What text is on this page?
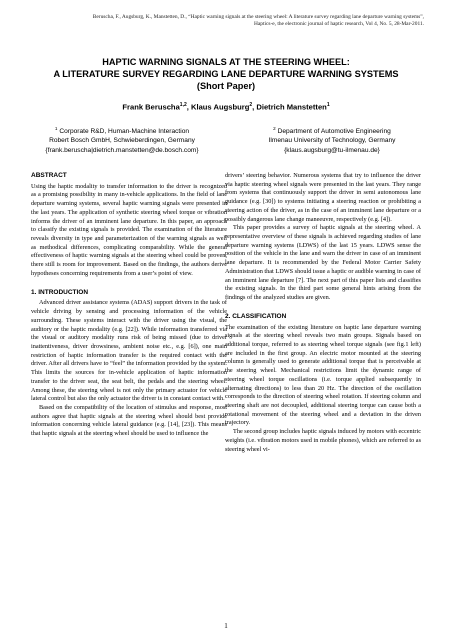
Beruscha, F., Augsburg, K., Manstetten, D., “Haptic warning signals at the steering wheel: A literature survey regarding lane departure warning systems”,
Haptics-e, the electronic journal of haptic research, Vol 4, No. 5, 28-Mar-2011.
HAPTIC WARNING SIGNALS AT THE STEERING WHEEL:
A LITERATURE SURVEY REGARDING LANE DEPARTURE WARNING SYSTEMS
(Short Paper)
Frank Beruscha$^{1,2}$, Klaus Augsburg$^2$, Dietrich Manstetten$^1$
$^1$ Corporate R&D, Human-Machine Interaction
Robert Bosch GmbH, Schwieberdingen, Germany
{frank.beruscha|dietrich.manstetten@de.bosch.com}
$^2$ Department of Automotive Engineering
Ilmenau University of Technology, Germany
{klaus.augsburg@tu-ilmenau.de}
ABSTRACT

Using the haptic modality to transfer information to the driver is recognized as a promising possibility in many in-vehicle applications. In the field of lane departure warning systems, several haptic warning signals were presented in the last years. The application of synthetic steering wheel torque or vibration informs the driver of an imminent lane departure. In this paper, an approach to classify the existing signals is provided. The examination of the literature reveals diversity in type and parameterization of the warning signals as well as methodical differences, complicating comparability. While the general effectiveness of haptic warning signals at the steering wheel could be proven, there still is room for improvement. Based on the findings, the authors derive hypotheses concerning requirements from a user’s point of view.

1. INTRODUCTION

Advanced driver assistance systems (ADAS) support drivers in the task of vehicle driving by sensing and processing information of the vehicle surrounding. These systems interact with the driver using the visual, the auditory or the haptic modality (e.g. [22]). While information transferred via the visual or auditory modality runs risk of being missed (due to driver inattentiveness, driver drowsiness, ambient noise etc., e.g. [6]), one main restriction of haptic information transfer is the required contact with the driver. After all drivers have to “feel” the information provided by the system. This limits the sources for in-vehicle application of haptic information transfer to the driver seat, the seat belt, the pedals and the steering wheel. Among these, the steering wheel is not only the primary actuator for vehicle lateral control but also the only actuator the driver is in constant contact with.

Based on the compatibility of the location of stimulus and response, most authors agree that haptic signals at the steering wheel should best provide information concerning vehicle lateral guidance (e.g. [14], [23]). This means that haptic signals at the steering wheel should be used to influence the

drivers’ steering behavior. Numerous systems that try to influence the driver via haptic steering wheel signals were presented in the last years. They range from systems that continuously support the driver in semi autonomous lane guidance (e.g. [30]) to systems initiating a steering reaction or prohibiting a steering action of the driver, as in the case of an imminent lane departure or a possibly dangerous lane change maneeuvre, respectively (e.g. [4]).

This paper provides a survey of haptic signals at the steering wheel. A representative overview of these signals is achieved regarding studies of lane departure warning systems (LDWS) of the last 15 years. LDWS sense the position of the vehicle in the lane and warn the driver in case of an imminent lane departure. It is recommended by the Federal Motor Carrier Safety Administration that LDWS should issue a haptic or audible warning in case of an imminent lane departure [7]. The next part of this paper lists and classifies the existing signals. In the third part some general hints arising from the findings of the analyzed studies are given.

2. CLASSIFICATION

The examination of the existing literature on haptic lane departure warning signals at the steering wheel reveals two main groups. Signals based on additional torque, referred to as steering wheel torque signals (see fig.1 left) are included in the first group. An electric motor mounted at the steering column is generally used to generate additional torque that is perceivable at the steering wheel. Mechanical restrictions limit the dynamic range of steering wheel torque oscillations (i.e. torque applied subsequently in alternating directions) to less than 20 Hz. The direction of the oscillation corresponds to the direction of steering wheel rotation. If steering column and steering shaft are not decoupled, additional steering torque can cause both a rotational movement of the steering wheel and a deviation in the driven trajectory.

The second group includes haptic signals induced by motors with eccentric weights (i.e. vibration motors used in mobile phones), which are referred to as steering wheel vi-

1
